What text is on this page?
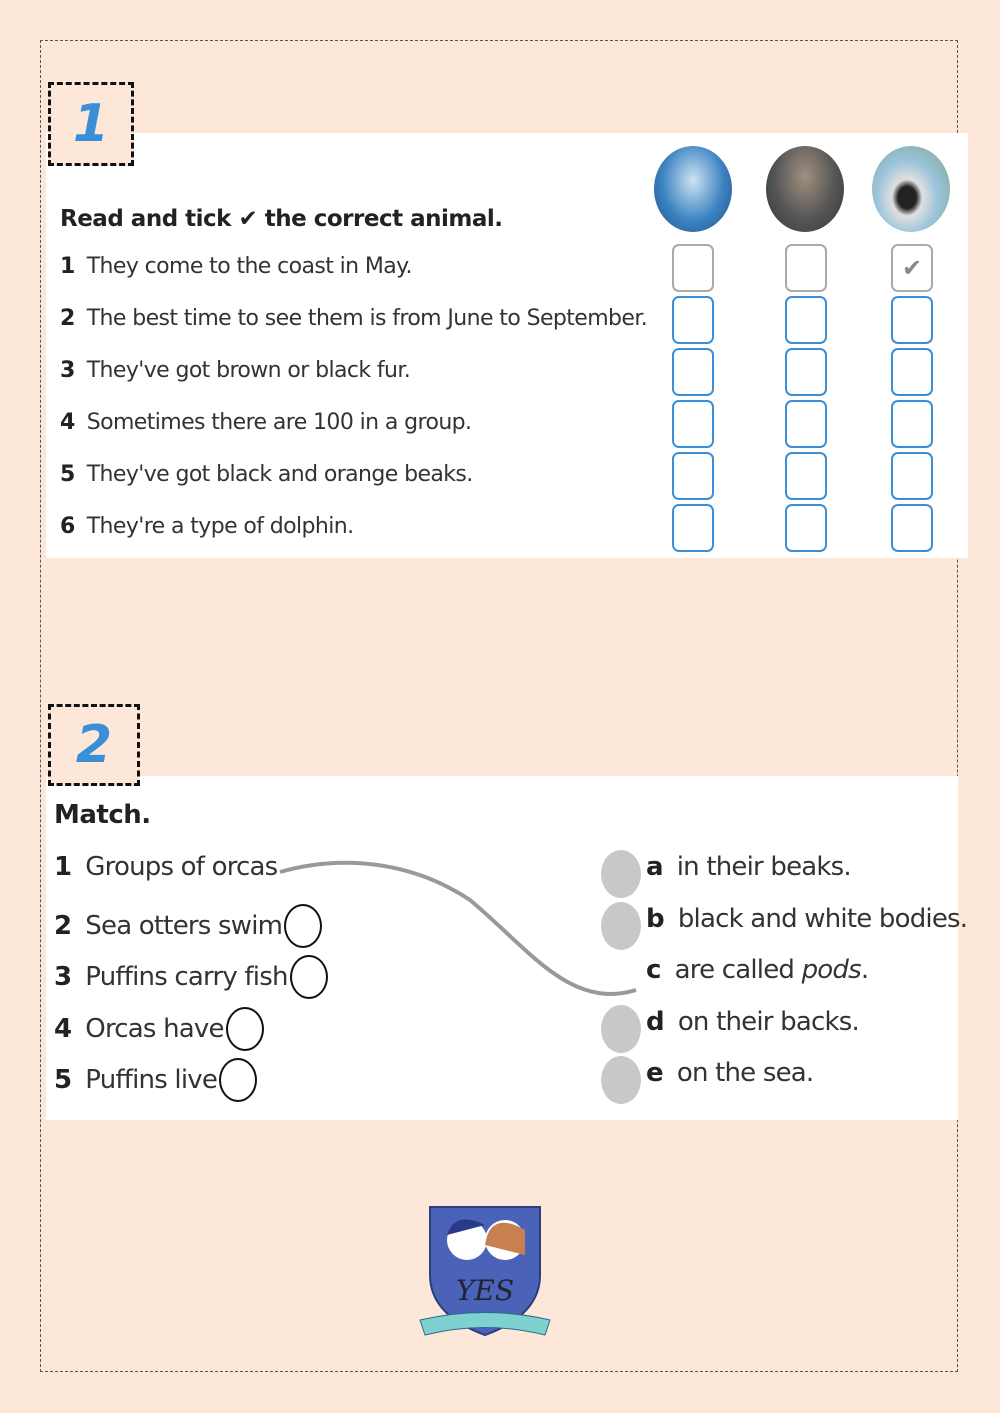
1
Read and tick ✔ the correct animal.
1 They come to the coast in May.	✔
2 The best time to see them is from June to September.
3 They've got brown or black fur.
4 Sometimes there are 100 in a group.
5 They've got black and orange beaks.
6 They're a type of dolphin.
2
Match.
1 Groups of orcas
2 Sea otters swim
3 Puffins carry fish
4 Orcas have
5 Puffins live
a in their beaks.
b black and white bodies.
c are called
pods .
d on their backs.
e on the sea.
YES
